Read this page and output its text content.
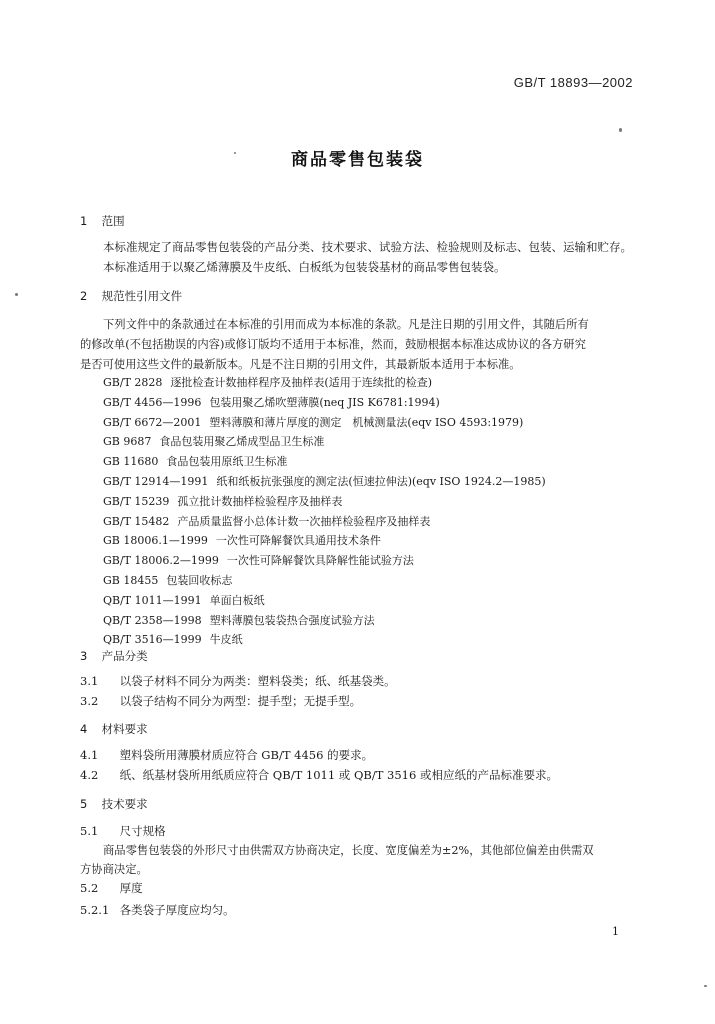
GB/T 18893—2002
商品零售包装袋
1 范围
本标准规定了商品零售包装袋的产品分类、技术要求、试验方法、检验规则及标志、包装、运输和贮存。
本标准适用于以聚乙烯薄膜及牛皮纸、白板纸为包装袋基材的商品零售包装袋。
2 规范性引用文件
下列文件中的条款通过在本标准的引用而成为本标准的条款。凡是注日期的引用文件，其随后所有
的修改单(不包括勘误的内容)或修订版均不适用于本标准，然而，鼓励根据本标准达成协议的各方研究
是否可使用这些文件的最新版本。凡是不注日期的引用文件，其最新版本适用于本标准。
GB/T 2828 逐批检查计数抽样程序及抽样表(适用于连续批的检查)
GB/T 4456—1996 包装用聚乙烯吹塑薄膜(neq JIS K6781:1994)
GB/T 6672—2001 塑料薄膜和薄片厚度的测定　机械测量法(eqv ISO 4593:1979)
GB 9687 食品包装用聚乙烯成型品卫生标准
GB 11680 食品包装用原纸卫生标准
GB/T 12914—1991 纸和纸板抗张强度的测定法(恒速拉伸法)(eqv ISO 1924.2—1985)
GB/T 15239 孤立批计数抽样检验程序及抽样表
GB/T 15482 产品质量监督小总体计数一次抽样检验程序及抽样表
GB 18006.1—1999 一次性可降解餐饮具通用技术条件
GB/T 18006.2—1999 一次性可降解餐饮具降解性能试验方法
GB 18455 包装回收标志
QB/T 1011—1991 单面白板纸
QB/T 2358—1998 塑料薄膜包装袋热合强度试验方法
QB/T 3516—1999 牛皮纸
3 产品分类
3.1 以袋子材料不同分为两类：塑料袋类；纸、纸基袋类。
3.2 以袋子结构不同分为两型：提手型；无提手型。
4 材料要求
4.1 塑料袋所用薄膜材质应符合 GB/T 4456 的要求。
4.2 纸、纸基材袋所用纸质应符合 QB/T 1011 或 QB/T 3516 或相应纸的产品标准要求。
5 技术要求
5.1 尺寸规格
商品零售包装袋的外形尺寸由供需双方协商决定，长度、宽度偏差为±2%，其他部位偏差由供需双
方协商决定。
5.2 厚度
5.2.1 各类袋子厚度应均匀。
1
